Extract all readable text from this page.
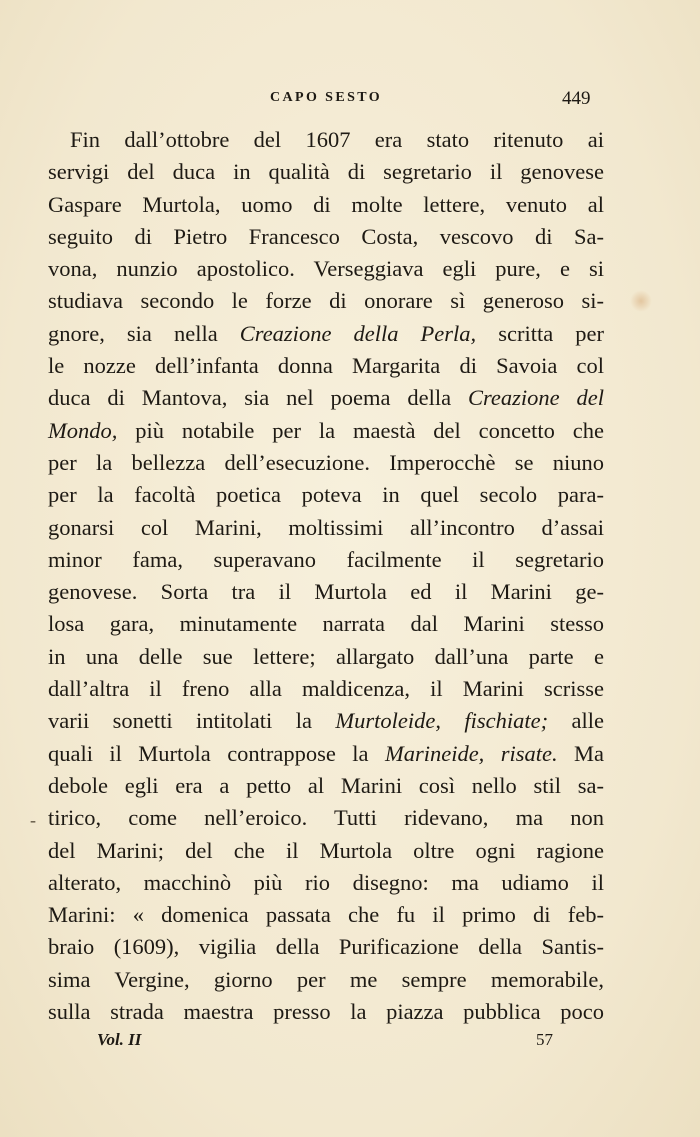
CAPO SESTO	449
Fin dall’ottobre del 1607 era stato ritenuto ai
servigi del duca in qualità di segretario il genovese
Gaspare Murtola, uomo di molte lettere, venuto al
seguito di Pietro Francesco Costa, vescovo di Sa-
vona, nunzio apostolico. Verseggiava egli pure, e si
studiava secondo le forze di onorare sì generoso si-
gnore, sia nella Creazione della Perla, scritta per
le nozze dell’infanta donna Margarita di Savoia col
duca di Mantova, sia nel poema della Creazione del
Mondo, più notabile per la maestà del concetto che
per la bellezza dell’esecuzione. Imperocchè se niuno
per la facoltà poetica poteva in quel secolo para-
gonarsi col Marini, moltissimi all’incontro d’assai
minor fama, superavano facilmente il segretario
genovese. Sorta tra il Murtola ed il Marini ge-
losa gara, minutamente narrata dal Marini stesso
in una delle sue lettere; allargato dall’una parte e
dall’altra il freno alla maldicenza, il Marini scrisse
varii sonetti intitolati la Murtoleide, fischiate; alle
quali il Murtola contrappose la Marineide, risate. Ma
debole egli era a petto al Marini così nello stil sa-
tirico, come nell’eroico. Tutti ridevano, ma non
del Marini; del che il Murtola oltre ogni ragione
alterato, macchinò più rio disegno: ma udiamo il
Marini: « domenica passata che fu il primo di feb-
braio (1609), vigilia della Purificazione della Santis-
sima Vergine, giorno per me sempre memorabile,
sulla strada maestra presso la piazza pubblica poco
-
Vol. II	57
